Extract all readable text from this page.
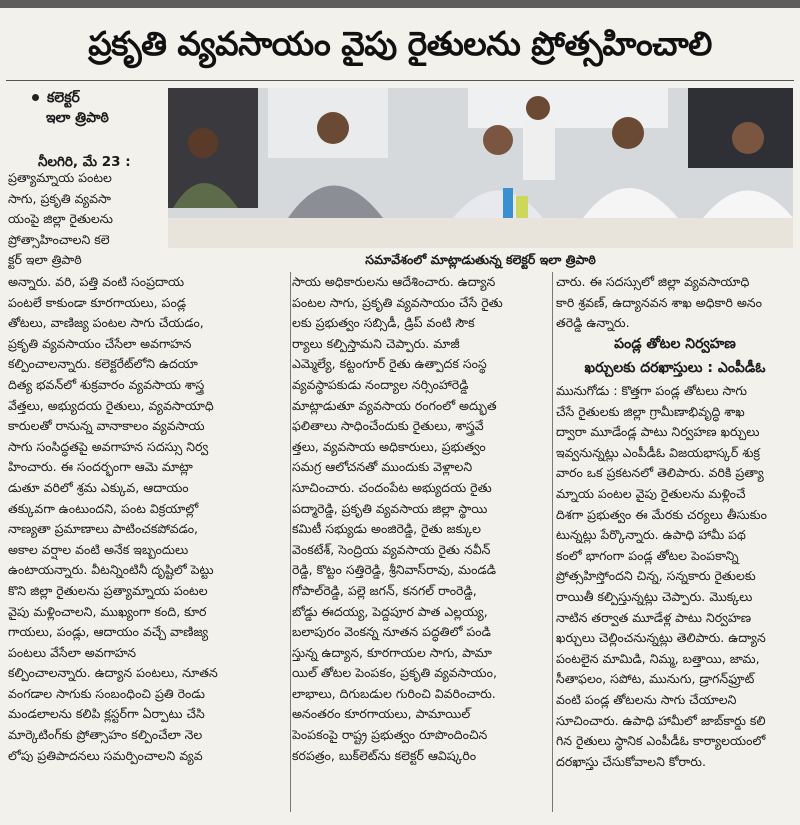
ప్రకృతి వ్యవసాయం వైపు రైతులను ప్రోత్సహించాలి
కలెక్టర్
ఇలా త్రిపాఠి
నీలగిరి, మే 23 :
సమావేశంలో మాట్లాడుతున్న కలెక్టర్ ఇలా త్రిపాఠి
ప్రత్యామ్నాయ పంటల
సాగు, ప్రకృతి వ్యవసా
యంపై జిల్లా రైతులను
ప్రోత్సాహించాలని కలె
క్టర్ ఇలా త్రిపాఠి
అన్నారు. వరి, పత్తి వంటి సంప్రదాయ
పంటలే కాకుండా కూరగాయలు, పండ్ల
తోటలు, వాణిజ్య పంటల సాగు చేయడం,
ప్రకృతి వ్యవసాయం చేసేలా అవగాహన
కల్పించాలన్నారు. కలెక్టరేట్‌లోని ఉదయా
దిత్య భవన్‌లో శుక్రవారం వ్యవసాయ శాస్త్ర
వేత్తలు, అభ్యుదయ రైతులు, వ్యవసాయాధి
కారులతో రానున్న వానాకాలం వ్యవసాయ
సాగు సంసిద్ధతపై అవగాహన సదస్సు నిర్వ
హించారు. ఈ సందర్భంగా ఆమె మాట్లా
డుతూ వరిలో శ్రమ ఎక్కువ, ఆదాయం
తక్కువగా ఉంటుందని, పంట విక్రయాల్లో
నాణ్యతా ప్రమాణాలు పాటించకపోవడం,
అకాల వర్షాల వంటి అనేక ఇబ్బందులు
ఉంటాయన్నారు. వీటన్నింటినీ దృష్టిలో పెట్టు
కొని జిల్లా రైతులను ప్రత్యామ్నాయ పంటల
వైపు మళ్లించాలని, ముఖ్యంగా కంది, కూర
గాయలు, పండ్లు, ఆదాయం వచ్చే వాణిజ్య
పంటలు వేసేలా అవగాహన
కల్పించాలన్నారు. ఉద్యాన పంటలు, నూతన
వంగడాల సాగుకు సంబంధించి ప్రతి రెండు
మండలాలను కలిపి క్లస్టర్‌గా ఏర్పాటు చేసి
మార్కెటింగ్‌కు ప్రోత్సాహం కల్పించేలా నెల
లోపు ప్రతిపాదనలు సమర్పించాలని వ్యవ
సాయ అధికారులను ఆదేశించారు. ఉద్యాన
పంటల సాగు, ప్రకృతి వ్యవసాయం చేసే రైతు
లకు ప్రభుత్వం సబ్సిడీ, డ్రిప్ వంటి సౌక
ర్యాలు కల్పిస్తామని చెప్పారు. మాజీ
ఎమ్మెల్యే, కట్టంగూర్ రైతు ఉత్పాదక సంస్థ
వ్యవస్థాపకుడు నంద్యాల నర్సింహారెడ్డి
మాట్లాడుతూ వ్యవసాయ రంగంలో అద్భుత
ఫలితాలు సాధించేందుకు రైతులు, శాస్త్రవే
త్తలు, వ్యవసాయ అధికారులు, ప్రభుత్వం
సమగ్ర ఆలోచనతో ముందుకు వెళ్లాలని
సూచించారు. చందంపేట అభ్యుదయ రైతు
పద్మారెడ్డి, ప్రకృతి వ్యవసాయ జిల్లా స్థాయి
కమిటీ సభ్యుడు అంజిరెడ్డి, రైతు జక్కుల
వెంకటేశ్, సెంద్రియ వ్యవసాయ రైతు నవీన్
రెడ్డి, కొట్టం సత్తిరెడ్డి, శ్రీనివాస్‌రావు, మండడి
గోపాల్‌రెడ్డి, పల్లె జగన్, కనగల్ రాంరెడ్డి,
బోడ్డు ఈదయ్య, పెద్దపూర పాత ఎల్లయ్య,
బలాపురం వెంకన్న నూతన పద్ధతిలో పండి
స్తున్న ఉద్యాన, కూరగాయల సాగు, పామా
యిల్ తోటల పెంపకం, ప్రకృతి వ్యవసాయం,
లాభాలు, దిగుబడుల గురించి వివరించారు.
అనంతరం కూరగాయలు, పామాయిల్
పెంపకంపై రాష్ట్ర ప్రభుత్వం రూపొందించిన
కరపత్రం, బుక్‌లెట్‌ను కలెక్టర్ ఆవిష్కరిం
చారు. ఈ సదస్సులో జిల్లా వ్యవసాయాధి
కారి శ్రవణ్, ఉద్యానవన శాఖ అధికారి అనం
తరెడ్డి ఉన్నారు.
పండ్ల తోటల నిర్వహణ
ఖర్చులకు దరఖాస్తులు : ఎంపీడీఓ
మునుగోడు : కొత్తగా పండ్ల తోటలు సాగు
చేసే రైతులకు జిల్లా గ్రామీణాభివృద్ధి శాఖ
ద్వారా మూడేండ్ల పాటు నిర్వహణ ఖర్చులు
ఇవ్వనున్నట్లు ఎంపీడీఓ విజయభాస్కర్ శుక్ర
వారం ఒక ప్రకటనలో తెలిపారు. వరికి ప్రత్యా
మ్నాయ పంటల వైపు రైతులను మళ్లించే
దిశగా ప్రభుత్వం ఈ మేరకు చర్యలు తీసుకుం
టున్నట్లు పేర్కొన్నారు. ఉపాధి హామీ పథ
కంలో భాగంగా పండ్ల తోటల పెంపకాన్ని
ప్రోత్సహిస్తోందని చిన్న, సన్నకారు రైతులకు
రాయితీ కల్పిస్తున్నట్లు చెప్పారు. మొక్కలు
నాటిన తర్వాత మూడేళ్ల పాటు నిర్వహణ
ఖర్చులు చెల్లించనున్నట్లు తెలిపారు. ఉద్యాన
పంటలైన మామిడి, నిమ్మ, బత్తాయి, జామ,
సీతాఫలం, సపోట, మునుగు, డ్రాగన్‌ఫ్రూట్
వంటి పండ్ల తోటలను సాగు చేయాలని
సూచించారు. ఉపాధి హామీలో జాబ్‌కార్డు కలి
గిన రైతులు స్థానిక ఎంపీడీఓ కార్యాలయంలో
దరఖాస్తు చేసుకోవాలని కోరారు.
